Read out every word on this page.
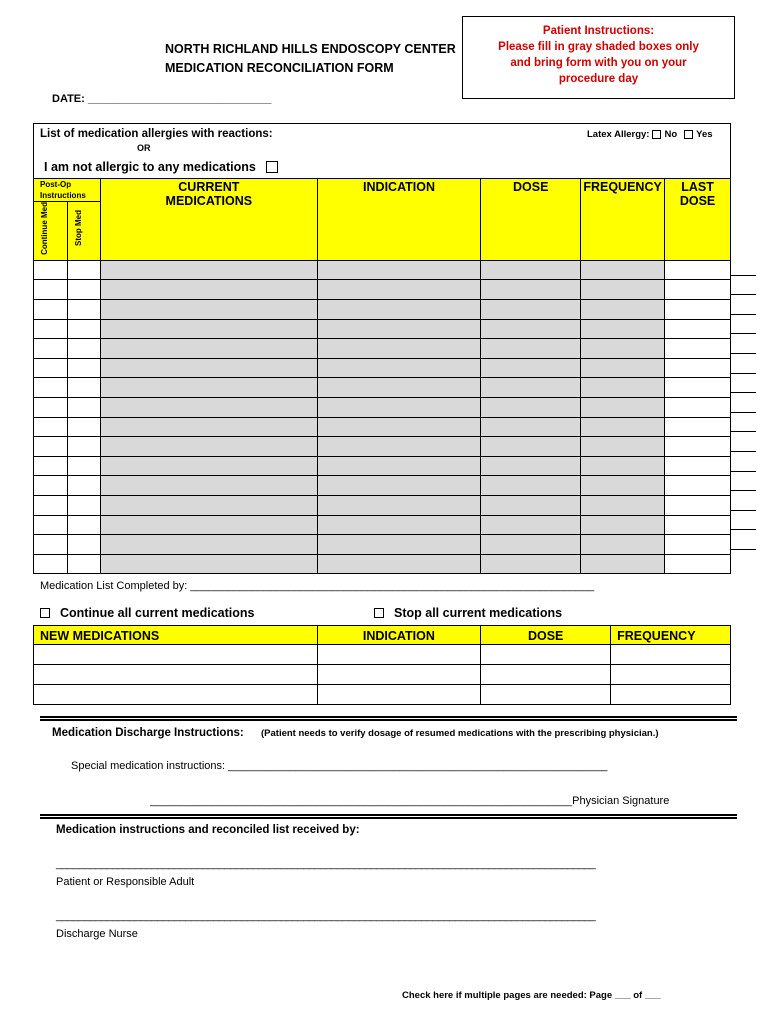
NORTH RICHLAND HILLS ENDOSCOPY CENTER
MEDICATION RECONCILIATION FORM
Patient Instructions:
Please fill in gray shaded boxes only
and bring form with you on your
procedure day
DATE: ______________________________
List of medication allergies with reactions:
OR
Latex Allergy: No Yes
I am not allergic to any medications
Post-Op Instructions		CURRENT MEDICATIONS	INDICATION	DOSE	FREQUENCY	LAST DOSE
Continue Med	Stop Med					

Medication List Completed by: __________________________________________________________________
Continue all current medications	Stop all current medications
NEW MEDICATIONS	INDICATION	DOSE	FREQUENCY

Medication Discharge Instructions: (Patient needs to verify dosage of resumed medications with the prescribing physician.)
Special medication instructions: ______________________________________________________________
_____________________________________________________________________Physician Signature
Medication instructions and reconciled list received by:
________________________________________________________________________________________________
Patient or Responsible Adult
________________________________________________________________________________________________
Discharge Nurse
Check here if multiple pages are needed: Page ___ of ___
